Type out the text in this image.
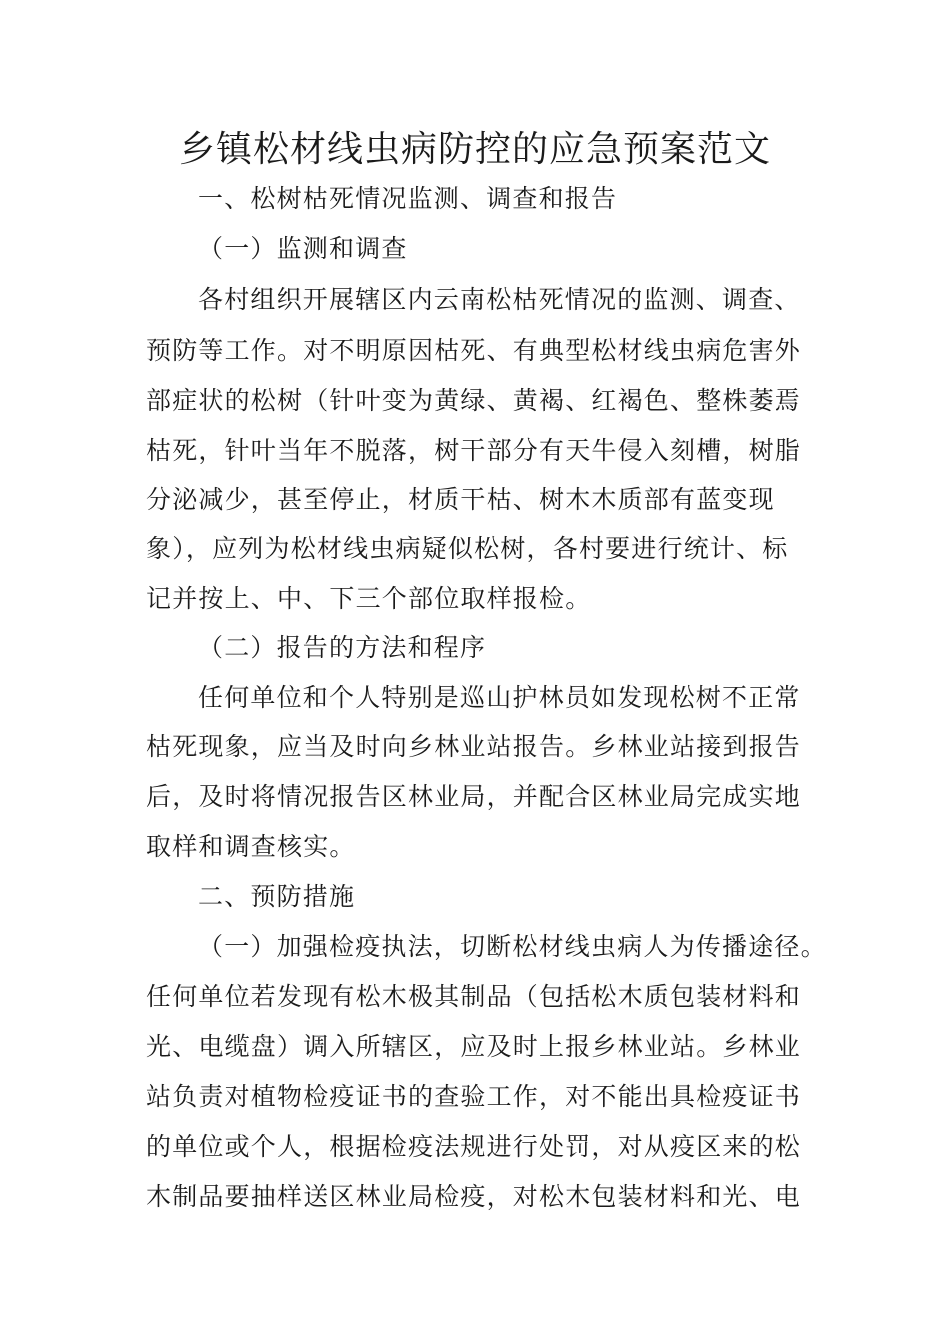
乡镇松材线虫病防控的应急预案范文

一、松树枯死情况监测、调查和报告

（一）监测和调查

各村组织开展辖区内云南松枯死情况的监测、调查、

预防等工作。对不明原因枯死、有典型松材线虫病危害外

部症状的松树（针叶变为黄绿、黄褐、红褐色、整株萎焉

枯死，针叶当年不脱落，树干部分有天牛侵入刻槽，树脂

分泌减少，甚至停止，材质干枯、树木木质部有蓝变现

象），应列为松材线虫病疑似松树，各村要进行统计、标

记并按上、中、下三个部位取样报检。

（二）报告的方法和程序

任何单位和个人特别是巡山护林员如发现松树不正常

枯死现象，应当及时向乡林业站报告。乡林业站接到报告

后，及时将情况报告区林业局，并配合区林业局完成实地

取样和调查核实。

二、预防措施

（一）加强检疫执法，切断松材线虫病人为传播途径。

任何单位若发现有松木极其制品（包括松木质包装材料和

光、电缆盘）调入所辖区，应及时上报乡林业站。乡林业

站负责对植物检疫证书的查验工作，对不能出具检疫证书

的单位或个人，根据检疫法规进行处罚，对从疫区来的松

木制品要抽样送区林业局检疫，对松木包装材料和光、电
